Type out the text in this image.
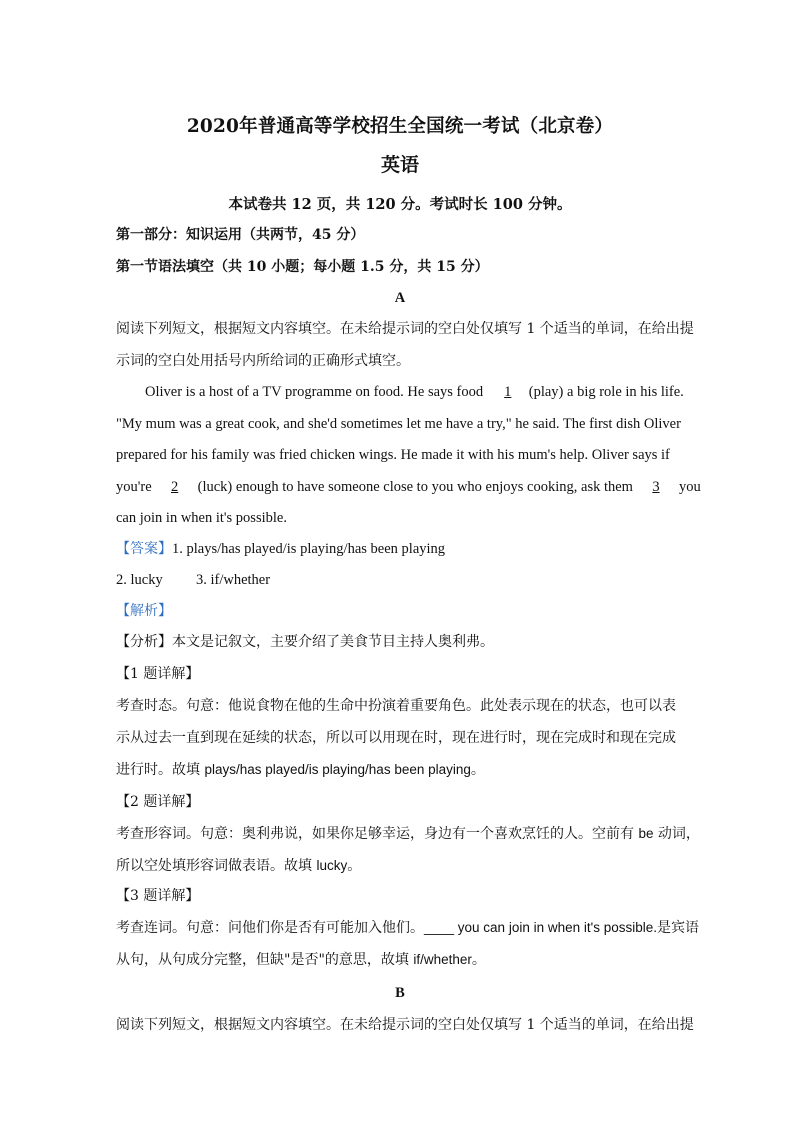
2020年普通高等学校招生全国统一考试（北京卷）
英语
本试卷共 12 页，共 120 分。考试时长 100 分钟。
第一部分：知识运用（共两节，45 分）
第一节语法填空（共 10 小题；每小题 1.5 分，共 15 分）
A
阅读下列短文，根据短文内容填空。在未给提示词的空白处仅填写 1 个适当的单词，在给出提
示词的空白处用括号内所给词的正确形式填空。
Oliver is a host of a TV programme on food. He says food 1 (play) a big role in his life.
"My mum was a great cook, and she'd sometimes let me have a try," he said. The first dish Oliver
prepared for his family was fried chicken wings. He made it with his mum's help. Oliver says if
you're 2 (luck) enough to have someone close to you who enjoys cooking, ask them 3 you
can join in when it's possible.
【答案】1. plays/has played/is playing/has been playing
2. lucky 3. if/whether
【解析】
【分析】本文是记叙文，主要介绍了美食节目主持人奥利弗。
【1 题详解】
考查时态。句意：他说食物在他的生命中扮演着重要角色。此处表示现在的状态，也可以表
示从过去一直到现在延续的状态，所以可以用现在时，现在进行时，现在完成时和现在完成
进行时。故填 plays/has played/is playing/has been playing。
【2 题详解】
考查形容词。句意：奥利弗说，如果你足够幸运，身边有一个喜欢烹饪的人。空前有 be 动词，
所以空处填形容词做表语。故填 lucky。
【3 题详解】
考查连词。句意：问他们你是否有可能加入他们。____ you can join in when it's possible.是宾语
从句，从句成分完整，但缺"是否"的意思，故填 if/whether。
B
阅读下列短文，根据短文内容填空。在未给提示词的空白处仅填写 1 个适当的单词，在给出提
